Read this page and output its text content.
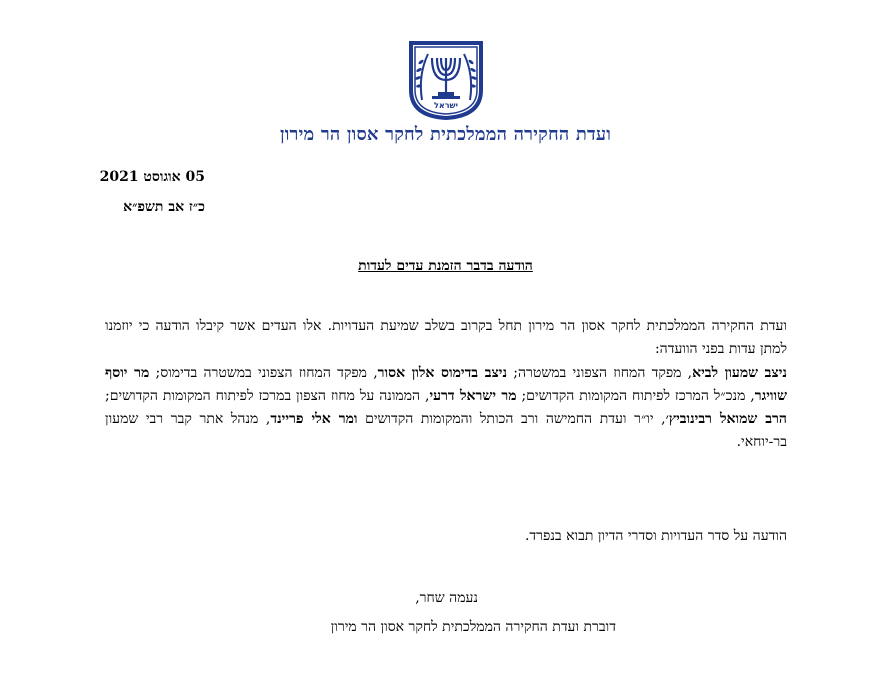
ישראל
ועדת החקירה הממלכתית לחקר אסון הר מירון
05 אוגוסט 2021
כ״ז אב תשפ״א
הודעה בדבר הזמנת עדים לעדות
ועדת החקירה הממלכתית לחקר אסון הר מירון תחל בקרוב בשלב שמיעת העדויות. אלו העדים אשר קיבלו הודעה כי יוזמנו למתן עדות בפני הוועדה:
ניצב שמעון לביא, מפקד המחוז הצפוני במשטרה; ניצב בדימוס אלון אסור, מפקד המחוז הצפוני במשטרה בדימוס; מר יוסף שוויגר, מנכ״ל המרכז לפיתוח המקומות הקדושים; מר ישראל דרעי, הממונה על מחוז הצפון במרכז לפיתוח המקומות הקדושים; הרב שמואל רבינוביץ׳, יו״ר ועדת החמישה ורב הכותל והמקומות הקדושים ומר אלי פריינד, מנהל אתר קבר רבי שמעון בר-יוחאי.
הודעה על סדר העדויות וסדרי הדיון תבוא בנפרד.
נעמה שחר,
דוברת ועדת החקירה הממלכתית לחקר אסון הר מירון
